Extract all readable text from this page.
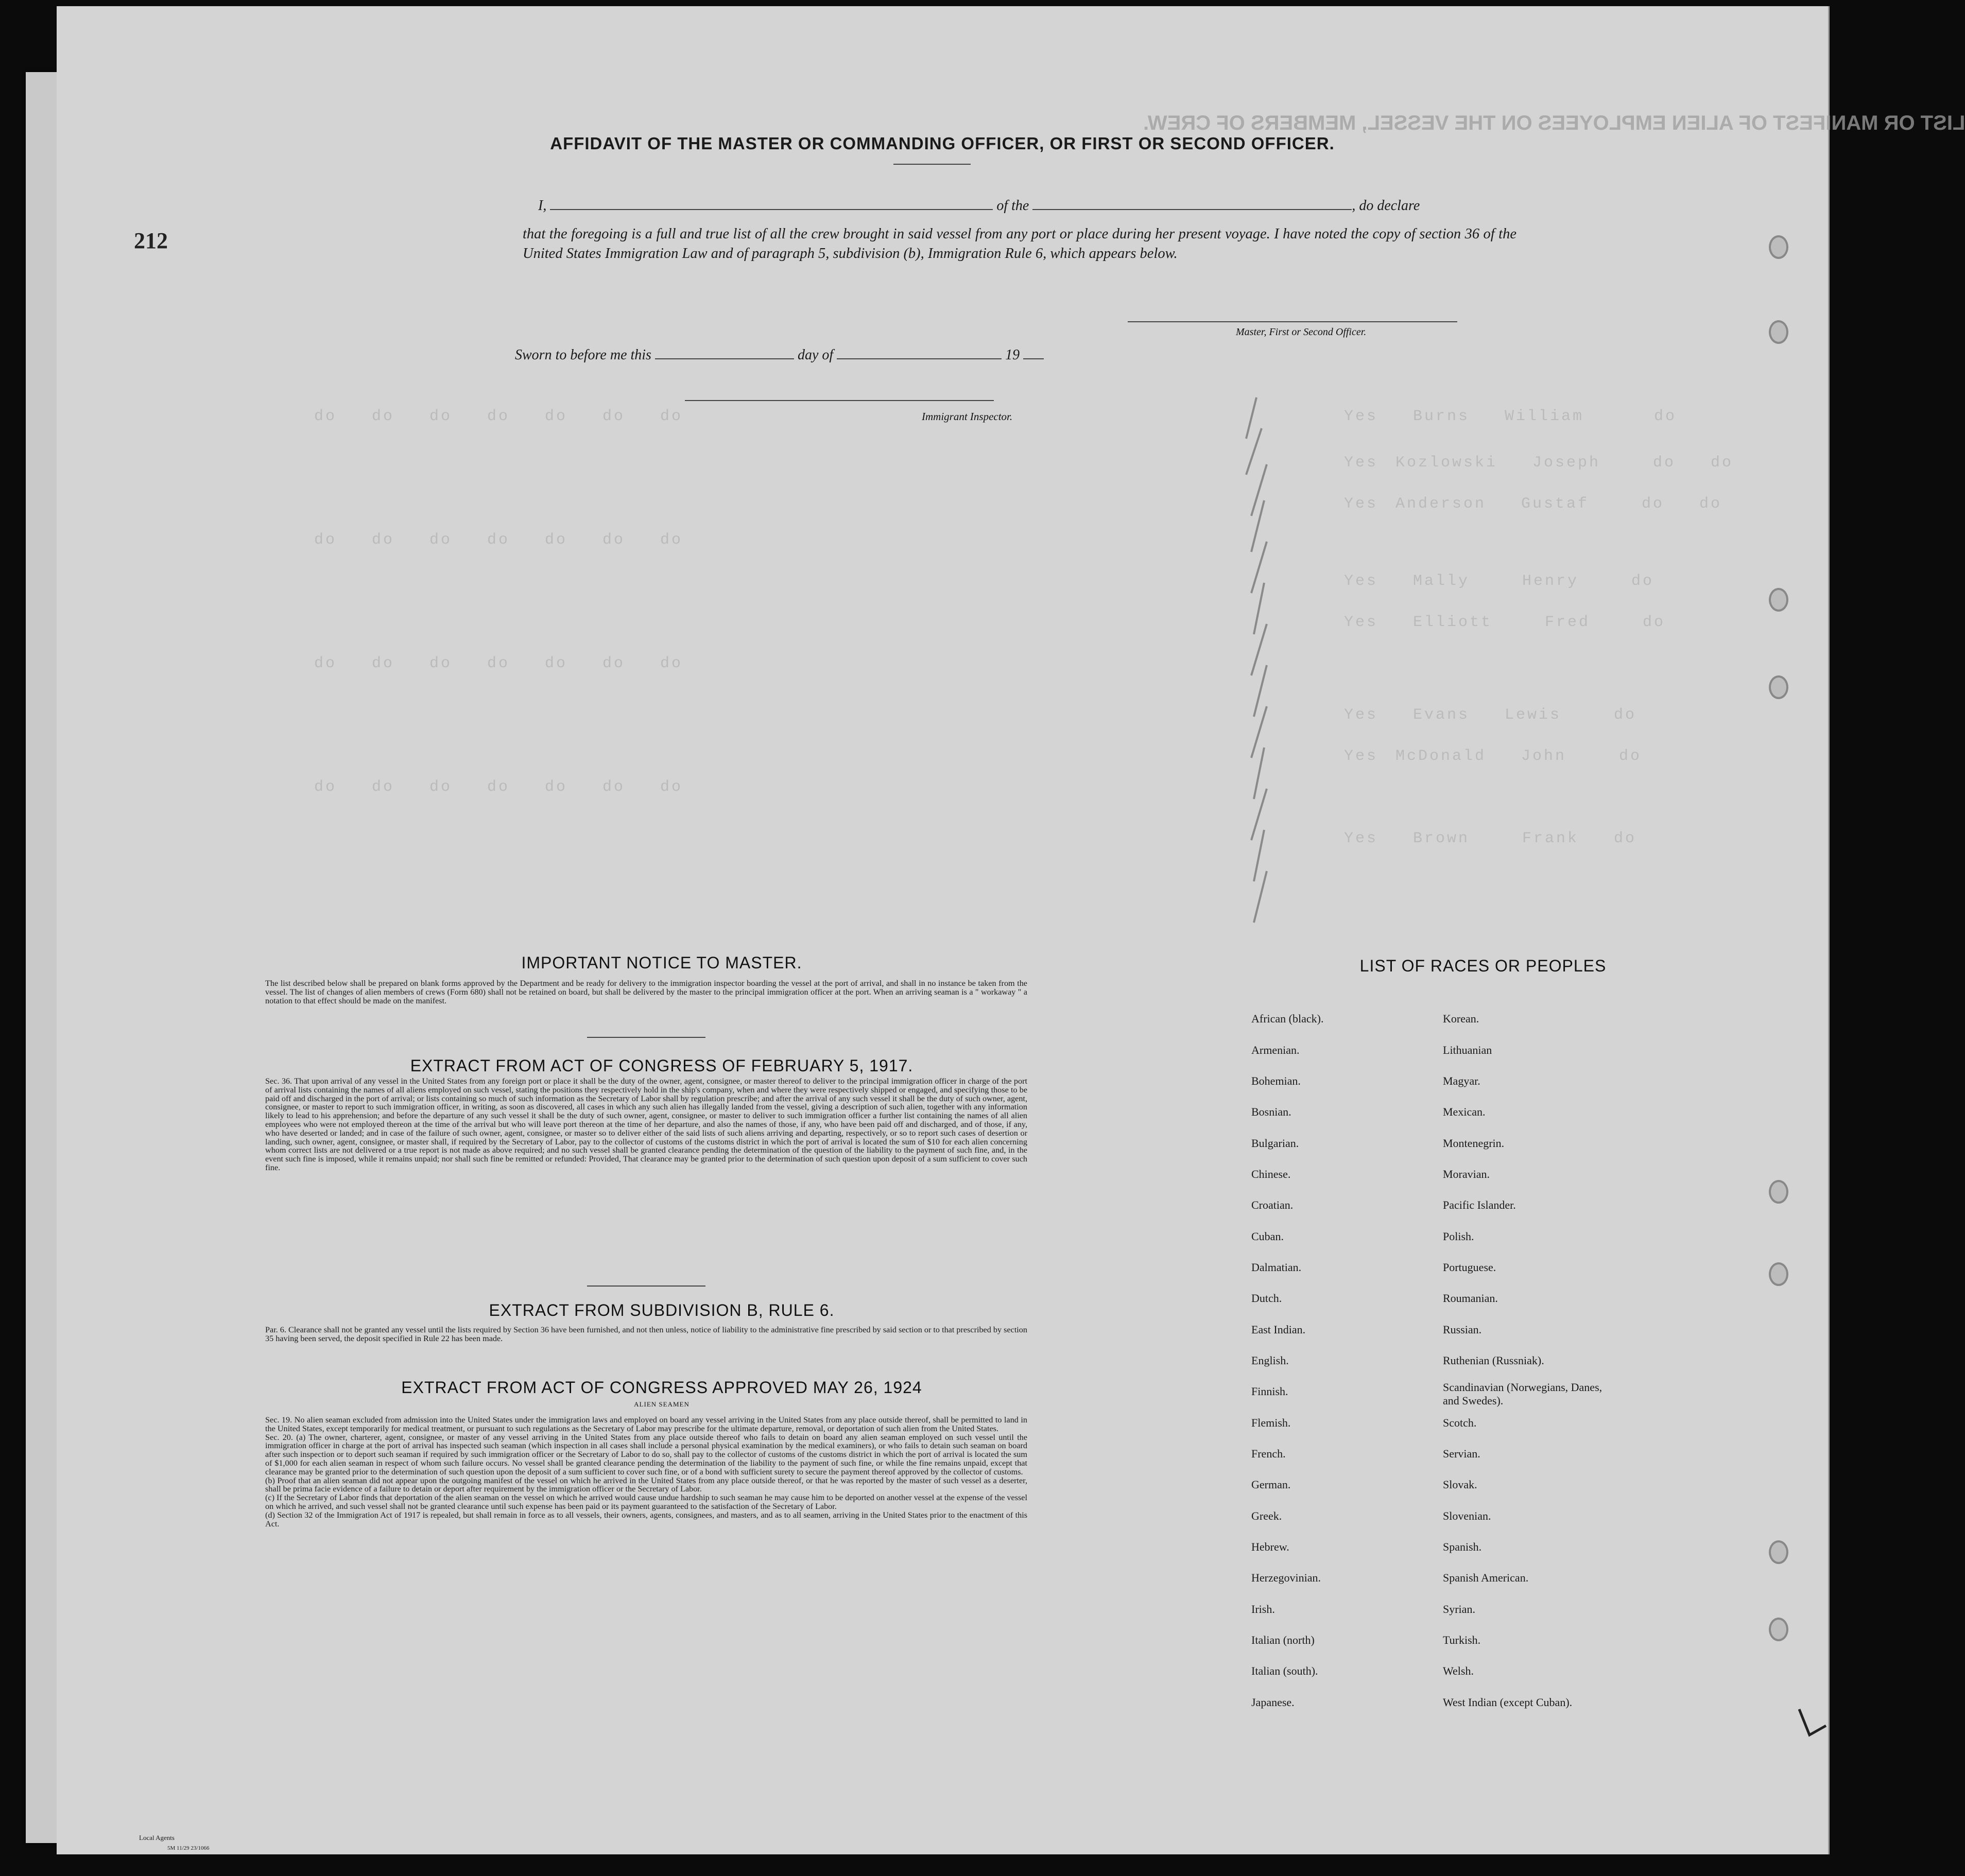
LIST OR MANIFEST OF ALIEN EMPLOYEES ON THE VESSEL, MEMBERS OF CREW.
Yes  Burns  William    do
Yes Kozlowski  Joseph   do  do
Yes Anderson  Gustaf   do  do
Yes  Mally   Henry   do
Yes  Elliott   Fred   do
Yes  Evans  Lewis   do
Yes McDonald  John   do
Yes  Brown   Frank  do
do  do  do  do  do  do  do
do  do  do  do  do  do  do
do  do  do  do  do  do  do
do  do  do  do  do  do  do
212
AFFIDAVIT OF THE MASTER OR COMMANDING OFFICER, OR FIRST OR SECOND OFFICER.
I,	of the	, do declare
that the foregoing is a full and true list of all the crew brought in said vessel from any port or place during her present voyage. I have noted the copy of section 36 of the United States Immigration Law and of paragraph 5, subdivision (b), Immigration Rule 6, which appears below.
Master, First or Second Officer.
Sworn to before me this	day of	19
Immigrant Inspector.
IMPORTANT NOTICE TO MASTER.
The list described below shall be prepared on blank forms approved by the Department and be ready for delivery to the immigration inspector boarding the vessel at the port of arrival, and shall in no instance be taken from the vessel. The list of changes of alien members of crews (Form 680) shall not be retained on board, but shall be delivered by the master to the principal immigration officer at the port. When an arriving seaman is a " workaway " a notation to that effect should be made on the manifest.
EXTRACT FROM ACT OF CONGRESS OF FEBRUARY 5, 1917.
Sec. 36. That upon arrival of any vessel in the United States from any foreign port or place it shall be the duty of the owner, agent, consignee, or master thereof to deliver to the principal immigration officer in charge of the port of arrival lists containing the names of all aliens employed on such vessel, stating the positions they respectively hold in the ship's company, when and where they were respectively shipped or engaged, and specifying those to be paid off and discharged in the port of arrival; or lists containing so much of such information as the Secretary of Labor shall by regulation prescribe; and after the arrival of any such vessel it shall be the duty of such owner, agent, consignee, or master to report to such immigration officer, in writing, as soon as discovered, all cases in which any such alien has illegally landed from the vessel, giving a description of such alien, together with any information likely to lead to his apprehension; and before the departure of any such vessel it shall be the duty of such owner, agent, consignee, or master to deliver to such immigration officer a further list containing the names of all alien employees who were not employed thereon at the time of the arrival but who will leave port thereon at the time of her departure, and also the names of those, if any, who have been paid off and discharged, and of those, if any, who have deserted or landed; and in case of the failure of such owner, agent, consignee, or master so to deliver either of the said lists of such aliens arriving and departing, respectively, or so to report such cases of desertion or landing, such owner, agent, consignee, or master shall, if required by the Secretary of Labor, pay to the collector of customs of the customs district in which the port of arrival is located the sum of $10 for each alien concerning whom correct lists are not delivered or a true report is not made as above required; and no such vessel shall be granted clearance pending the determination of the question of the liability to the payment of such fine, and, in the event such fine is imposed, while it remains unpaid; nor shall such fine be remitted or refunded: Provided, That clearance may be granted prior to the determination of such question upon deposit of a sum sufficient to cover such fine.
EXTRACT FROM SUBDIVISION B, RULE 6.
Par. 6. Clearance shall not be granted any vessel until the lists required by Section 36 have been furnished, and not then unless, notice of liability to the administrative fine prescribed by said section or to that prescribed by section 35 having been served, the deposit specified in Rule 22 has been made.
EXTRACT FROM ACT OF CONGRESS APPROVED MAY 26, 1924
ALIEN SEAMEN
Sec. 19. No alien seaman excluded from admission into the United States under the immigration laws and employed on board any vessel arriving in the United States from any place outside thereof, shall be permitted to land in the United States, except temporarily for medical treatment, or pursuant to such regulations as the Secretary of Labor may prescribe for the ultimate departure, removal, or deportation of such alien from the United States.
Sec. 20. (a) The owner, charterer, agent, consignee, or master of any vessel arriving in the United States from any place outside thereof who fails to detain on board any alien seaman employed on such vessel until the immigration officer in charge at the port of arrival has inspected such seaman (which inspection in all cases shall include a personal physical examination by the medical examiners), or who fails to detain such seaman on board after such inspection or to deport such seaman if required by such immigration officer or the Secretary of Labor to do so, shall pay to the collector of customs of the customs district in which the port of arrival is located the sum of $1,000 for each alien seaman in respect of whom such failure occurs. No vessel shall be granted clearance pending the determination of the liability to the payment of such fine, or while the fine remains unpaid, except that clearance may be granted prior to the determination of such question upon the deposit of a sum sufficient to cover such fine, or of a bond with sufficient surety to secure the payment thereof approved by the collector of customs.
(b) Proof that an alien seaman did not appear upon the outgoing manifest of the vessel on which he arrived in the United States from any place outside thereof, or that he was reported by the master of such vessel as a deserter, shall be prima facie evidence of a failure to detain or deport after requirement by the immigration officer or the Secretary of Labor.
(c) If the Secretary of Labor finds that deportation of the alien seaman on the vessel on which he arrived would cause undue hardship to such seaman he may cause him to be deported on another vessel at the expense of the vessel on which he arrived, and such vessel shall not be granted clearance until such expense has been paid or its payment guaranteed to the satisfaction of the Secretary of Labor.
(d) Section 32 of the Immigration Act of 1917 is repealed, but shall remain in force as to all vessels, their owners, agents, consignees, and masters, and as to all seamen, arriving in the United States prior to the enactment of this Act.
LIST OF RACES OR PEOPLES
African (black).
Armenian.
Bohemian.
Bosnian.
Bulgarian.
Chinese.
Croatian.
Cuban.
Dalmatian.
Dutch.
East Indian.
English.
Finnish.
Flemish.
French.
German.
Greek.
Hebrew.
Herzegovinian.
Irish.
Italian (north)
Italian (south).
Japanese.
Korean.
Lithuanian
Magyar.
Mexican.
Montenegrin.
Moravian.
Pacific Islander.
Polish.
Portuguese.
Roumanian.
Russian.
Ruthenian (Russniak).
Scandinavian (Norwegians, Danes, and Swedes).
Scotch.
Servian.
Slovak.
Slovenian.
Spanish.
Spanish American.
Syrian.
Turkish.
Welsh.
West Indian (except Cuban).
Local Agents
5M 11/29 23/1066
